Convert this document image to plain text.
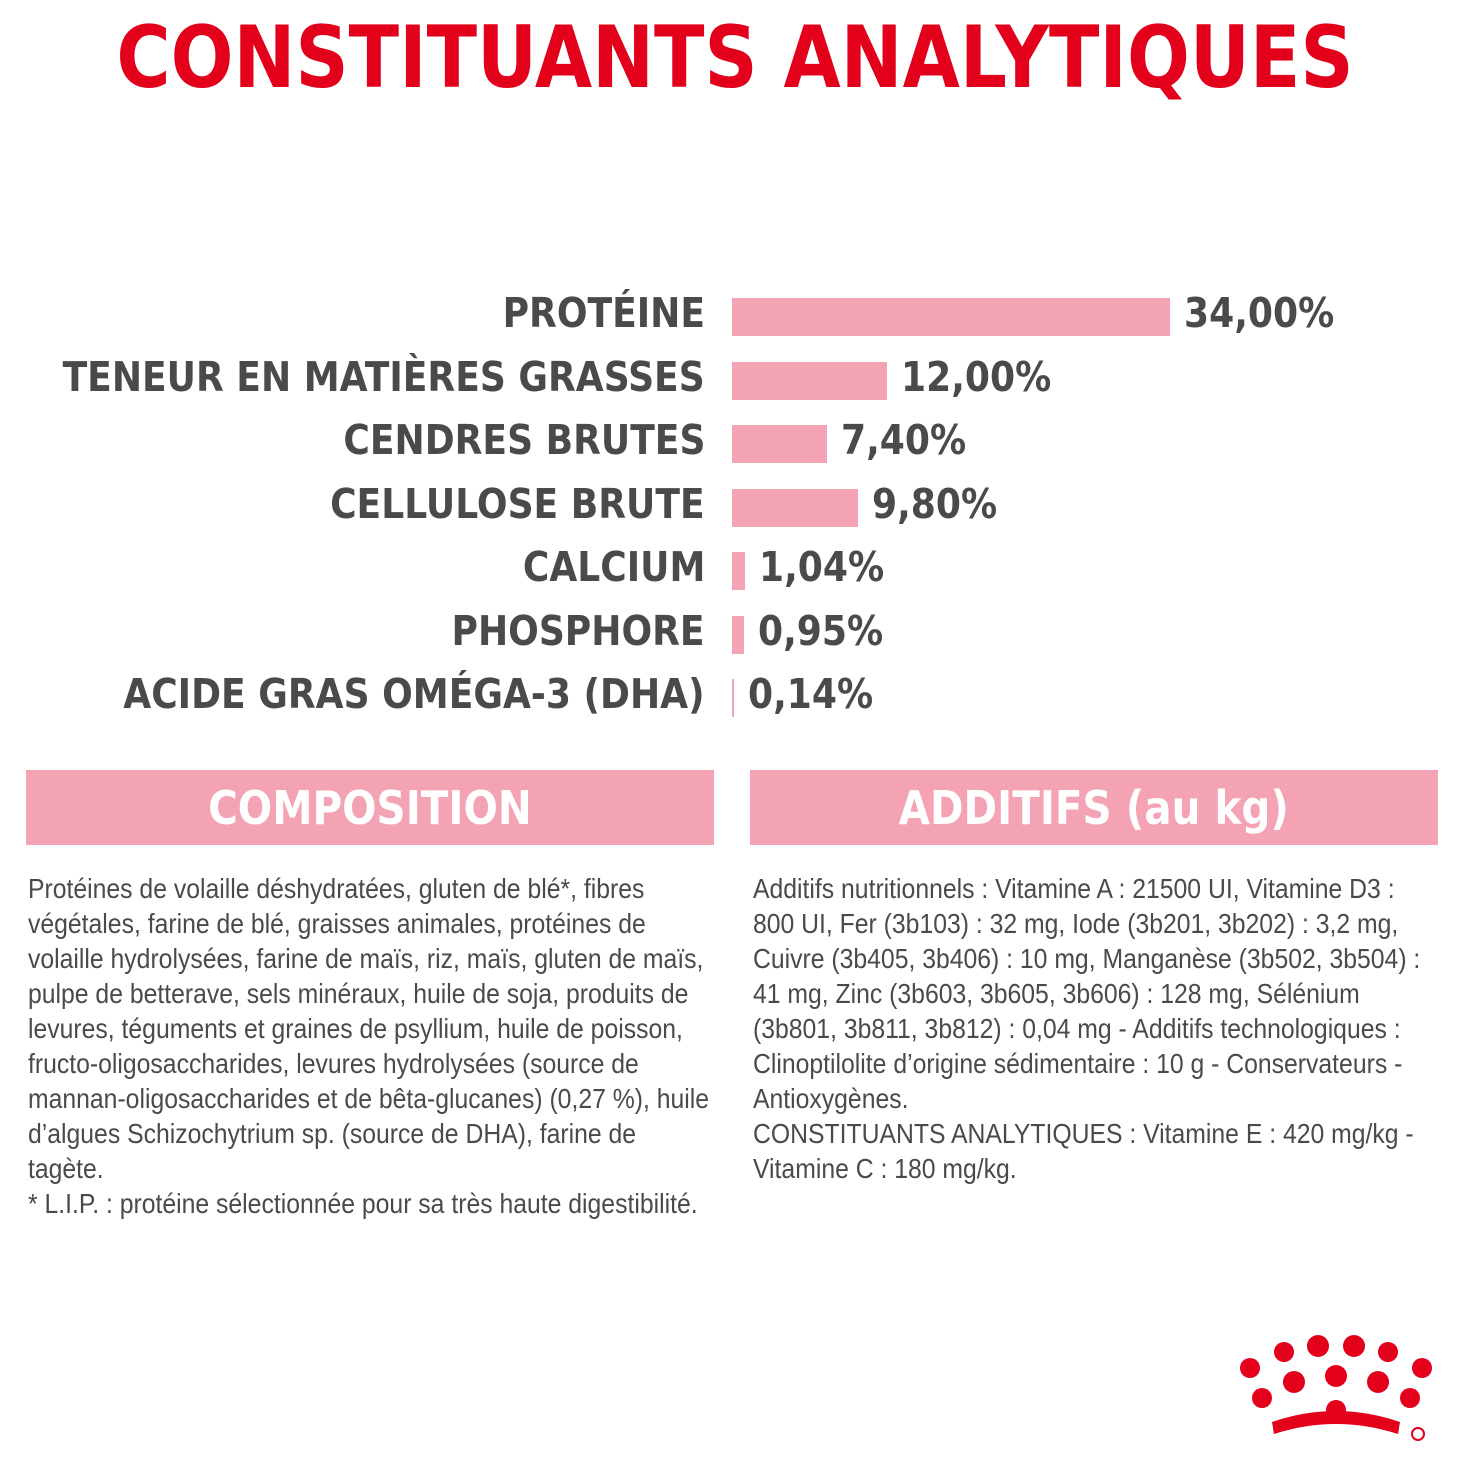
CONSTITUANTS ANALYTIQUES
PROTÉINE	34,00%
TENEUR EN MATIÈRES GRASSES	12,00%
CENDRES BRUTES	7,40%
CELLULOSE BRUTE	9,80%
CALCIUM 1,04%
PHOSPHORE 0,95%
ACIDE GRAS OMÉGA-3 (DHA) 0,14%
COMPOSITION	ADDITIFS (au kg)

Protéines de volaille déshydratées, gluten de blé*, fibres végétales, farine de blé, graisses animales, protéines de volaille hydrolysées, farine de maïs, riz, maïs, gluten de maïs, pulpe de betterave, sels minéraux, huile de soja, produits de levures, téguments et graines de psyllium, huile de poisson, fructo-oligosaccharides, levures hydrolysées (source de mannan-oligosaccharides et de bêta-glucanes) (0,27 %), huile d’algues Schizochytrium sp. (source de DHA), farine de tagète.

* L.I.P. : protéine sélectionnée pour sa très haute digestibilité.

Additifs nutritionnels : Vitamine A : 21500 UI, Vitamine D3 : 800 UI, Fer (3b103) : 32 mg, Iode (3b201, 3b202) : 3,2 mg, Cuivre (3b405, 3b406) : 10 mg, Manganèse (3b502, 3b504) : 41 mg, Zinc (3b603, 3b605, 3b606) : 128 mg, Sélénium (3b801, 3b811, 3b812) : 0,04 mg - Additifs technologiques : Clinoptilolite d’origine sédimentaire : 10 g - Conservateurs - Antioxygènes.

CONSTITUANTS ANALYTIQUES : Vitamine E : 420 mg/kg - Vitamine C : 180 mg/kg.
